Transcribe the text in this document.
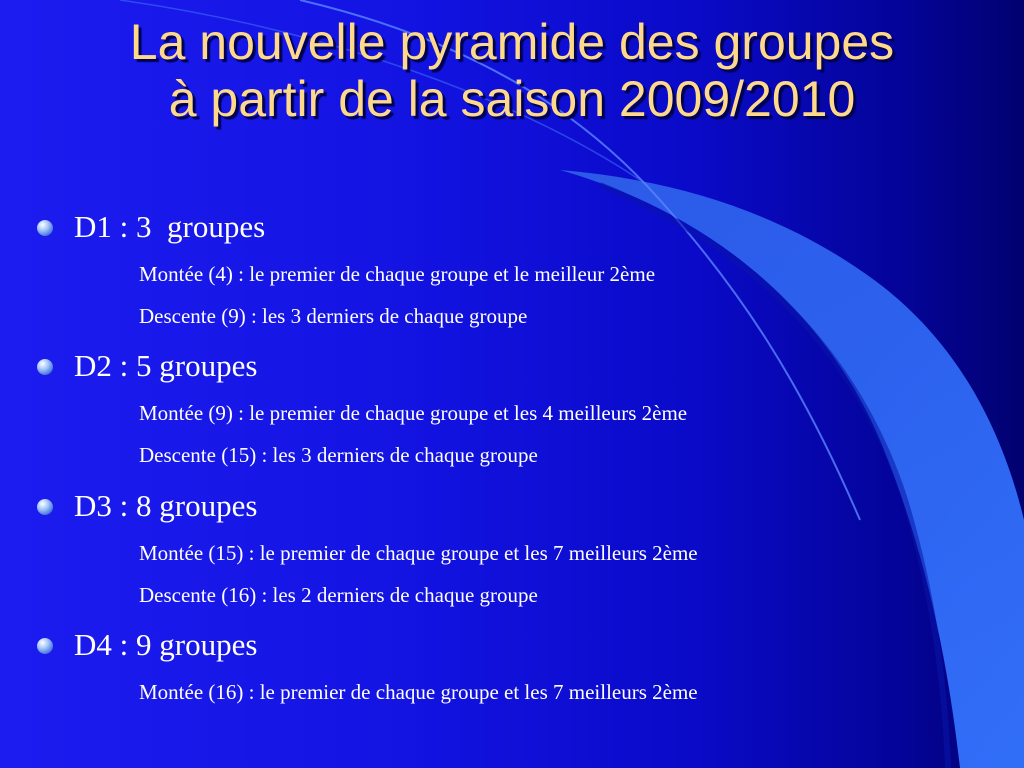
La nouvelle pyramide des groupes
à partir de la saison 2009/2010
D1 : 3  groupes
Montée (4) : le premier de chaque groupe et le meilleur 2ème
Descente (9) : les 3 derniers de chaque groupe
D2 : 5 groupes
Montée (9) : le premier de chaque groupe et les 4 meilleurs 2ème
Descente (15) : les 3 derniers de chaque groupe
D3 : 8 groupes
Montée (15) : le premier de chaque groupe et les 7 meilleurs 2ème
Descente (16) : les 2 derniers de chaque groupe
D4 : 9 groupes
Montée (16) : le premier de chaque groupe et les 7 meilleurs 2ème
